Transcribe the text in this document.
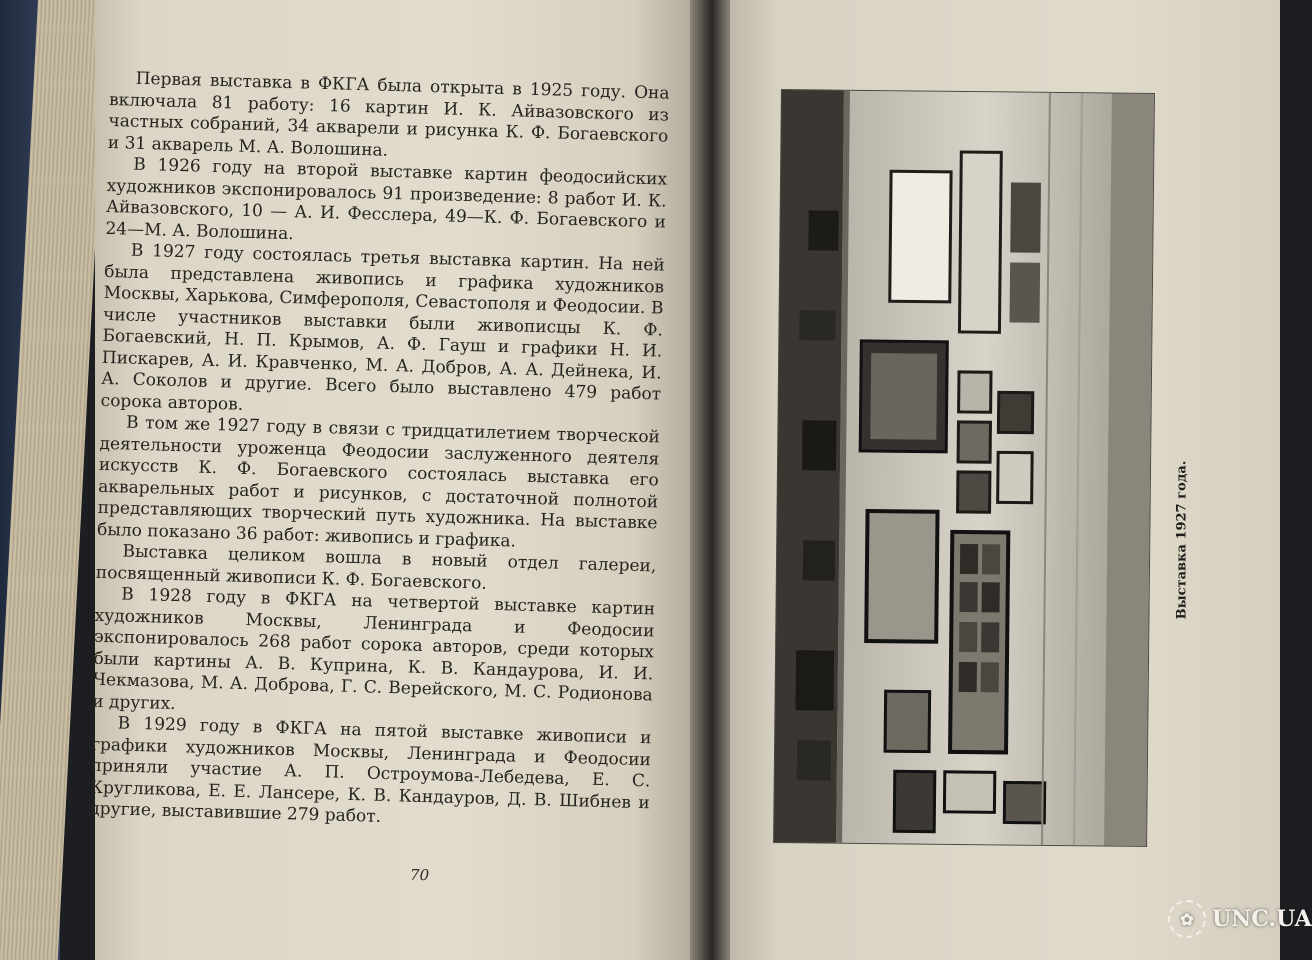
Первая выставка в ФКГА была открыта в 1925 году. Она включала 81 работу: 16 картин И. К. Айвазовского из частных собраний, 34 акварели и рисунка К. Ф. Богаевского и 31 акварель М. А. Волошина.

В 1926 году на второй выставке картин феодосийских художников экспонировалось 91 произведение: 8 работ И. К. Айвазовского, 10 — А. И. Фесслера, 49—К. Ф. Богаевского и 24—М. А. Волошина.

В 1927 году состоялась третья выставка картин. На ней была представлена живопись и графика художников Москвы, Харькова, Симферополя, Севастополя и Феодосии. В числе участников выставки были живописцы К. Ф. Богаевский, Н. П. Крымов, А. Ф. Гауш и графики Н. И. Пискарев, А. И. Кравченко, М. А. Добров, А. А. Дейнека, И. А. Соколов и другие. Всего было выставлено 479 работ сорока авторов.

В том же 1927 году в связи с тридцатилетием творческой деятельности уроженца Феодосии заслуженного деятеля искусств К. Ф. Богаевского состоялась выставка его акварельных работ и рисунков, с достаточной полнотой представляющих творческий путь художника. На выставке было показано 36 работ: живопись и графика.

Выставка целиком вошла в новый отдел галереи, посвященный живописи К. Ф. Богаевского.

В 1928 году в ФКГА на четвертой выставке картин художников Москвы, Ленинграда и Феодосии экспонировалось 268 работ сорока авторов, среди которых были картины А. В. Куприна, К. В. Кандаурова, И. И. Чекмазова, М. А. Доброва, Г. С. Верейского, М. С. Родионова и других.

В 1929 году в ФКГА на пятой выставке живописи и графики художников Москвы, Ленинграда и Феодосии приняли участие А. П. Остроумова-Лебедева, Е. С. Кругликова, Е. Е. Лансере, К. В. Кандауров, Д. В. Шибнев и другие, выставившие 279 работ.

70
Выставка 1927 года.
✿ UNC.UA
